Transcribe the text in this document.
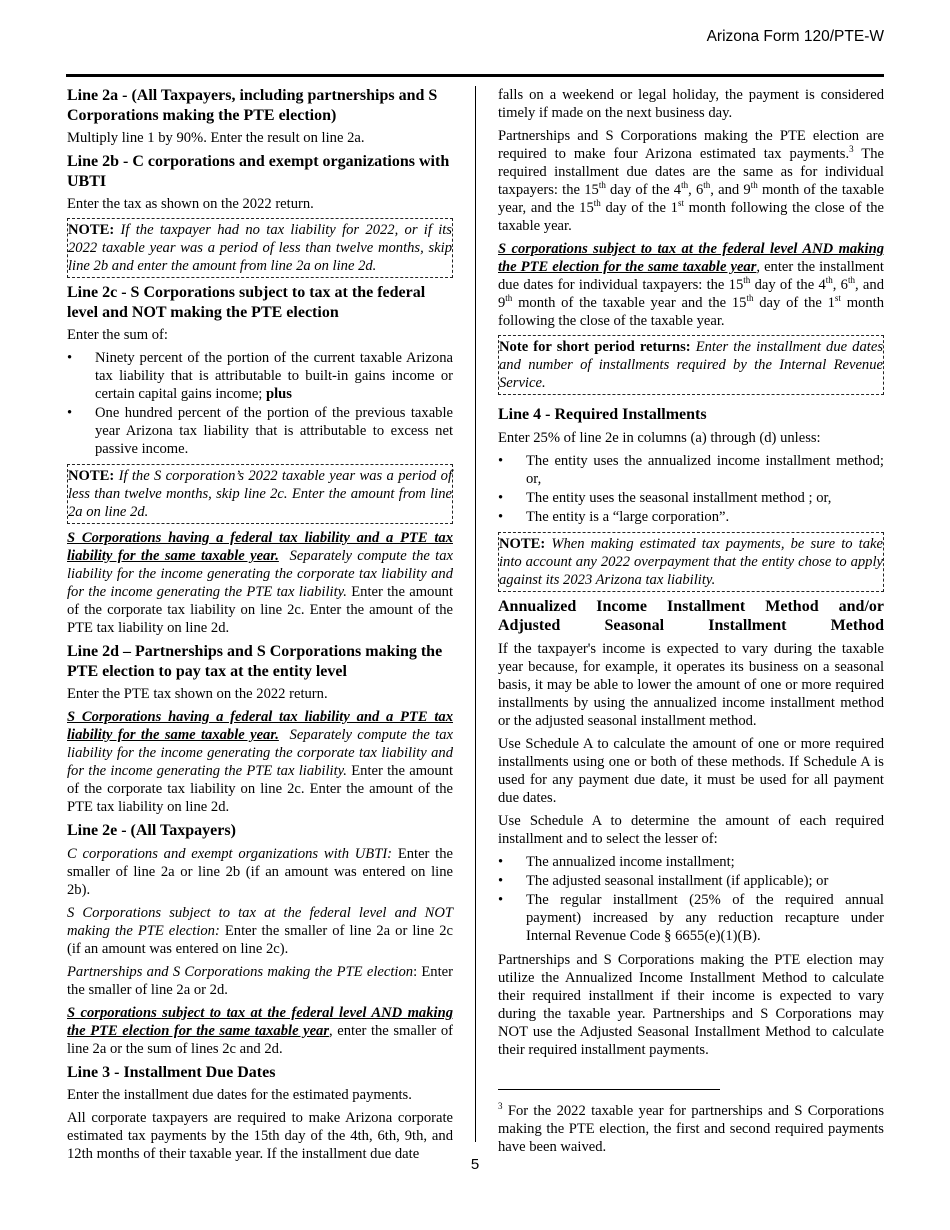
Arizona Form 120/PTE-W
Line 2a - (All Taxpayers, including partnerships and S Corporations making the PTE election)

Multiply line 1 by 90%. Enter the result on line 2a.

Line 2b - C corporations and exempt organizations with UBTI

Enter the tax as shown on the 2022 return.

NOTE: If the taxpayer had no tax liability for 2022, or if its 2022 taxable year was a period of less than twelve months, skip line 2b and enter the amount from line 2a on line 2d.
Line 2c - S Corporations subject to tax at the federal level and NOT making the PTE election

Enter the sum of:

• Ninety percent of the portion of the current taxable Arizona tax liability that is attributable to built-in gains income or certain capital gains income; plus
• One hundred percent of the portion of the previous taxable year Arizona tax liability that is attributable to excess net passive income.
NOTE: If the S corporation’s 2022 taxable year was a period of less than twelve months, skip line 2c. Enter the amount from line 2a on line 2d.

S Corporations having a federal tax liability and a PTE tax liability for the same taxable year. Separately compute the tax liability for the income generating the corporate tax liability and for the income generating the PTE tax liability. Enter the amount of the corporate tax liability on line 2c. Enter the amount of the PTE tax liability on line 2d.

Line 2d – Partnerships and S Corporations making the PTE election to pay tax at the entity level

Enter the PTE tax shown on the 2022 return.

S Corporations having a federal tax liability and a PTE tax liability for the same taxable year. Separately compute the tax liability for the income generating the corporate tax liability and for the income generating the PTE tax liability. Enter the amount of the corporate tax liability on line 2c. Enter the amount of the PTE tax liability on line 2d.

Line 2e - (All Taxpayers)

C corporations and exempt organizations with UBTI: Enter the smaller of line 2a or line 2b (if an amount was entered on line 2b).

S Corporations subject to tax at the federal level and NOT making the PTE election: Enter the smaller of line 2a or line 2c (if an amount was entered on line 2c).

Partnerships and S Corporations making the PTE election: Enter the smaller of line 2a or 2d.

S corporations subject to tax at the federal level AND making the PTE election for the same taxable year, enter the smaller of line 2a or the sum of lines 2c and 2d.

Line 3 - Installment Due Dates

Enter the installment due dates for the estimated payments.

All corporate taxpayers are required to make Arizona corporate estimated tax payments by the 15th day of the 4th, 6th, 9th, and 12th months of their taxable year. If the installment due date

falls on a weekend or legal holiday, the payment is considered timely if made on the next business day.

Partnerships and S Corporations making the PTE election are required to make four Arizona estimated tax payments.$^3$ The required installment due dates are the same as for individual taxpayers: the 15th day of the 4th, 6th, and 9th month of the taxable year, and the 15th day of the 1st month following the close of the taxable year.

S corporations subject to tax at the federal level AND making the PTE election for the same taxable year, enter the installment due dates for individual taxpayers: the 15th day of the 4th, 6th, and 9th month of the taxable year and the 15th day of the 1st month following the close of the taxable year.

Note for short period returns: Enter the installment due dates and number of installments required by the Internal Revenue Service.
Line 4 - Required Installments

Enter 25% of line 2e in columns (a) through (d) unless:

• The entity uses the annualized income installment method; or,
• The entity uses the seasonal installment method ; or,
• The entity is a “large corporation”.
NOTE: When making estimated tax payments, be sure to take into account any 2022 overpayment that the entity chose to apply against its 2023 Arizona tax liability.
Annualized Income Installment Method and/or Adjusted Seasonal Installment Method

If the taxpayer's income is expected to vary during the taxable year because, for example, it operates its business on a seasonal basis, it may be able to lower the amount of one or more required installments by using the annualized income installment method or the adjusted seasonal installment method.

Use Schedule A to calculate the amount of one or more required installments using one or both of these methods. If Schedule A is used for any payment due date, it must be used for all payment due dates.

Use Schedule A to determine the amount of each required installment and to select the lesser of:

• The annualized income installment;
• The adjusted seasonal installment (if applicable); or
• The regular installment (25% of the required annual payment) increased by any reduction recapture under Internal Revenue Code § 6655(e)(1)(B).

Partnerships and S Corporations making the PTE election may utilize the Annualized Income Installment Method to calculate their required installment if their income is expected to vary during the taxable year. Partnerships and S Corporations may NOT use the Adjusted Seasonal Installment Method to calculate their required installment payments.

$^3$ For the 2022 taxable year for partnerships and S Corporations making the PTE election, the first and second required payments have been waived.

5
